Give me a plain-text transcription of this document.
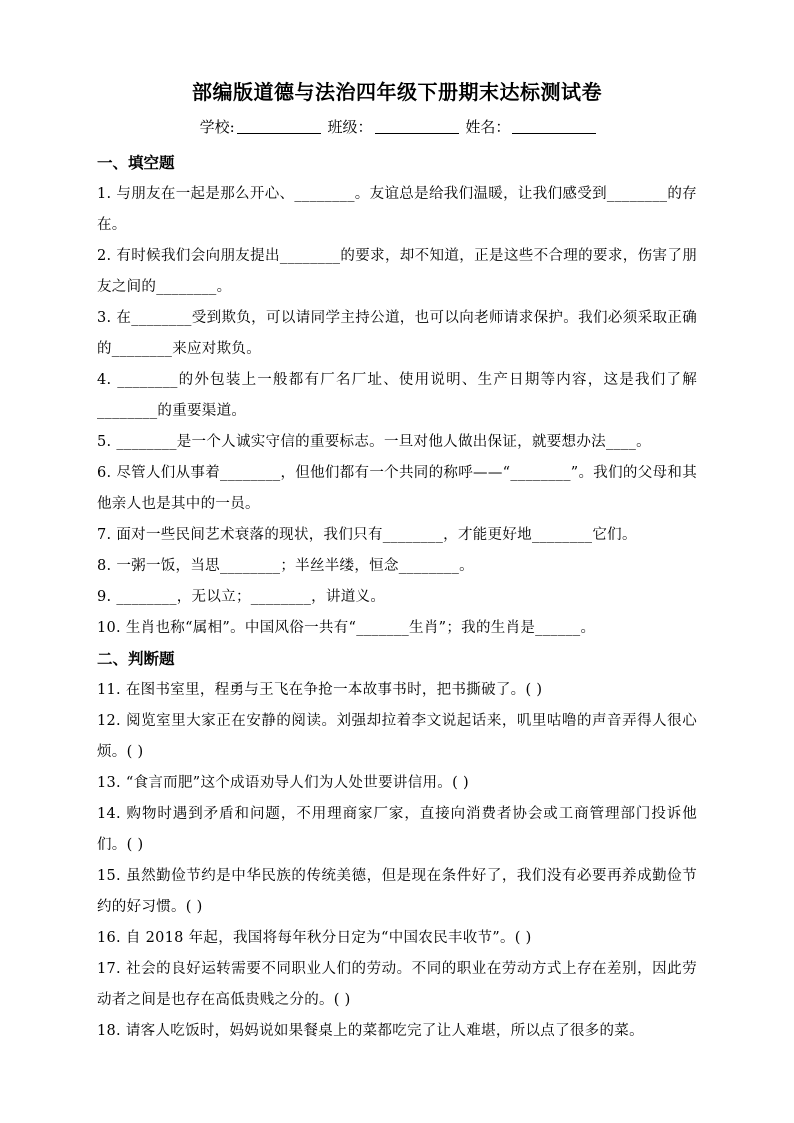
部编版道德与法治四年级下册期末达标测试卷
学校:	班级：	姓名：
一、填空题
1. 与朋友在一起是那么开心、________。友谊总是给我们温暖，让我们感受到________的存在。
2. 有时候我们会向朋友提出________的要求，却不知道，正是这些不合理的要求，伤害了朋友之间的________。
3. 在________受到欺负，可以请同学主持公道，也可以向老师请求保护。我们必须采取正确的________来应对欺负。
4. ________的外包装上一般都有厂名厂址、使用说明、生产日期等内容，这是我们了解________的重要渠道。
5. ________是一个人诚实守信的重要标志。一旦对他人做出保证，就要想办法____。
6. 尽管人们从事着________，但他们都有一个共同的称呼——“________”。我们的父母和其他亲人也是其中的一员。
7. 面对一些民间艺术衰落的现状，我们只有________，才能更好地________它们。
8. 一粥一饭，当思________；半丝半缕，恒念________。
9. ________，无以立；________，讲道义。
10. 生肖也称“属相”。中国风俗一共有“_______生肖”；我的生肖是______。
二、判断题
11. 在图书室里，程勇与王飞在争抢一本故事书时，把书撕破了。( )
12. 阅览室里大家正在安静的阅读。刘强却拉着李文说起话来，叽里咕噜的声音弄得人很心烦。( )
13. “食言而肥”这个成语劝导人们为人处世要讲信用。( )
14. 购物时遇到矛盾和问题，不用理商家厂家，直接向消费者协会或工商管理部门投诉他们。( )
15. 虽然勤俭节约是中华民族的传统美德，但是现在条件好了，我们没有必要再养成勤俭节约的好习惯。( )
16. 自 2018 年起，我国将每年秋分日定为“中国农民丰收节”。( )
17. 社会的良好运转需要不同职业人们的劳动。不同的职业在劳动方式上存在差别，因此劳动者之间是也存在高低贵贱之分的。( )
18. 请客人吃饭时，妈妈说如果餐桌上的菜都吃完了让人难堪，所以点了很多的菜。
